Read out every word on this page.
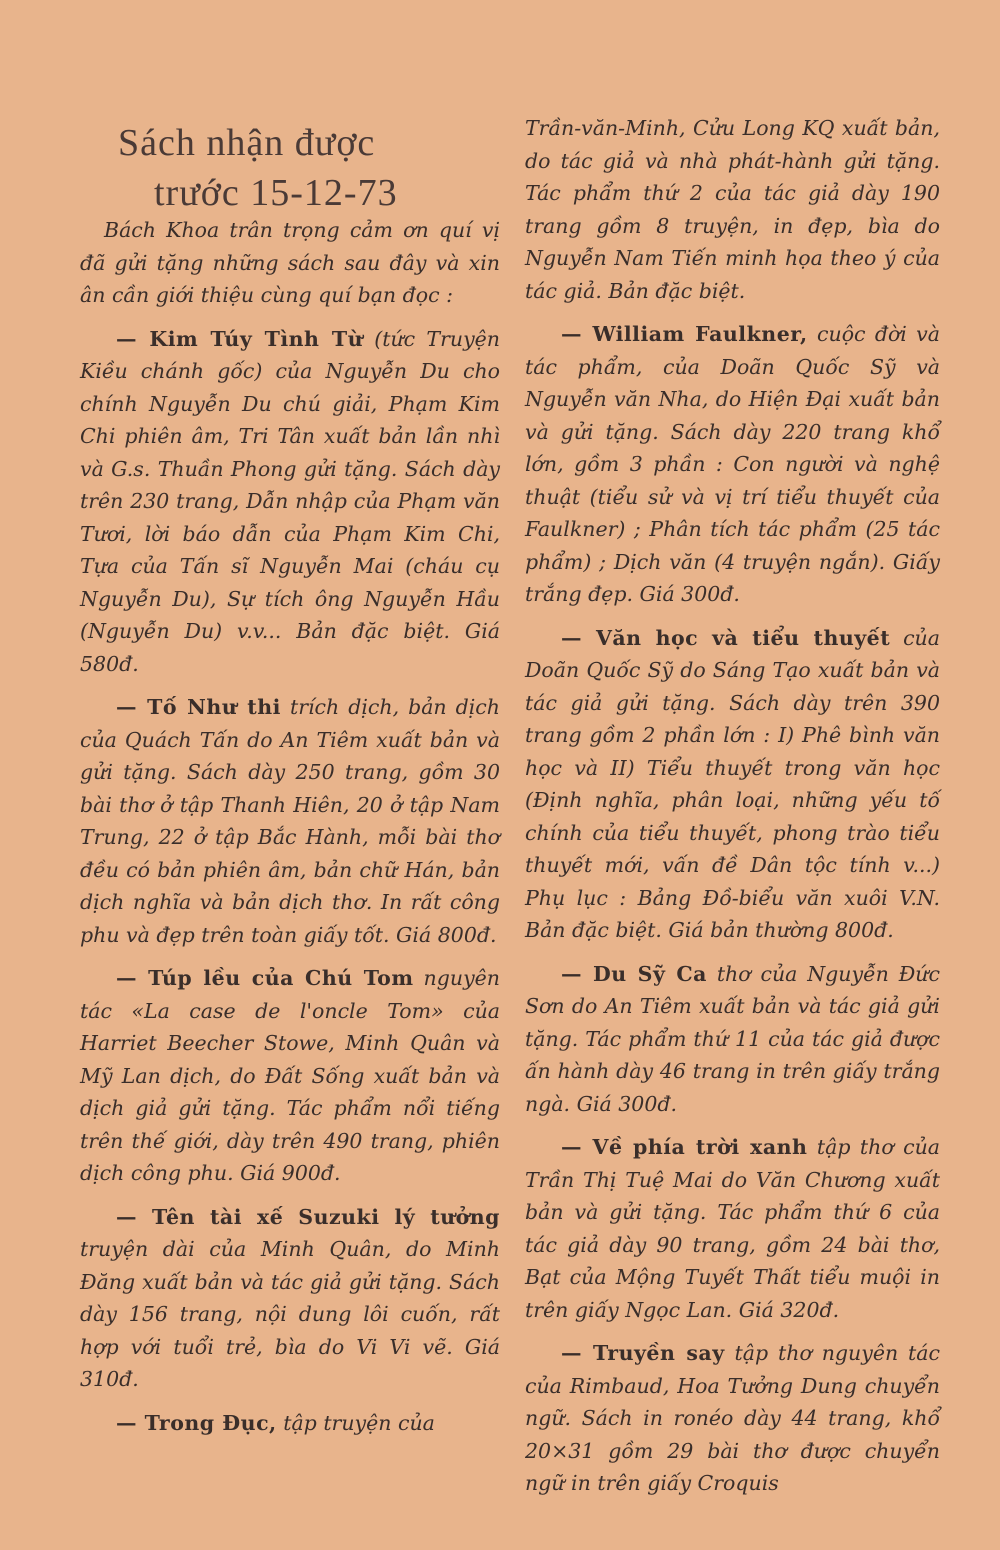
Sách nhận được
trước 15-12-73

Bách Khoa trân trọng cảm ơn quí vị đã gửi tặng những sách sau đây và xin ân cần giới thiệu cùng quí bạn đọc :

— Kim Túy Tình Từ (tức Truyện Kiều chánh gốc) của Nguyễn Du cho chính Nguyễn Du chú giải, Phạm Kim Chi phiên âm, Tri Tân xuất bản lần nhì và G.s. Thuần Phong gửi tặng. Sách dày trên 230 trang, Dẫn nhập của Phạm văn Tươi, lời báo dẫn của Phạm Kim Chi, Tựa của Tấn sĩ Nguyễn Mai (cháu cụ Nguyễn Du), Sự tích ông Nguyễn Hầu (Nguyễn Du) v.v... Bản đặc biệt. Giá 580đ.

— Tố Như thi trích dịch, bản dịch của Quách Tấn do An Tiêm xuất bản và gửi tặng. Sách dày 250 trang, gồm 30 bài thơ ở tập Thanh Hiên, 20 ở tập Nam Trung, 22 ở tập Bắc Hành, mỗi bài thơ đều có bản phiên âm, bản chữ Hán, bản dịch nghĩa và bản dịch thơ. In rất công phu và đẹp trên toàn giấy tốt. Giá 800đ.

— Túp lều của Chú Tom nguyên tác «La case de l'oncle Tom» của Harriet Beecher Stowe, Minh Quân và Mỹ Lan dịch, do Đất Sống xuất bản và dịch giả gửi tặng. Tác phẩm nổi tiếng trên thế giới, dày trên 490 trang, phiên dịch công phu. Giá 900đ.

— Tên tài xế Suzuki lý tưởng truyện dài của Minh Quân, do Minh Đăng xuất bản và tác giả gửi tặng. Sách dày 156 trang, nội dung lôi cuốn, rất hợp với tuổi trẻ, bìa do Vi Vi vẽ. Giá 310đ.

— Trong Đục, tập truyện của

Trần-văn-Minh, Cửu Long KQ xuất bản, do tác giả và nhà phát-hành gửi tặng. Tác phẩm thứ 2 của tác giả dày 190 trang gồm 8 truyện, in đẹp, bìa do Nguyễn Nam Tiến minh họa theo ý của tác giả. Bản đặc biệt.

— William Faulkner, cuộc đời và tác phẩm, của Doãn Quốc Sỹ và Nguyễn văn Nha, do Hiện Đại xuất bản và gửi tặng. Sách dày 220 trang khổ lớn, gồm 3 phần : Con người và nghệ thuật (tiểu sử và vị trí tiểu thuyết của Faulkner) ; Phân tích tác phẩm (25 tác phẩm) ; Dịch văn (4 truyện ngắn). Giấy trắng đẹp. Giá 300đ.

— Văn học và tiểu thuyết của Doãn Quốc Sỹ do Sáng Tạo xuất bản và tác giả gửi tặng. Sách dày trên 390 trang gồm 2 phần lớn : I) Phê bình văn học và II) Tiểu thuyết trong văn học (Định nghĩa, phân loại, những yếu tố chính của tiểu thuyết, phong trào tiểu thuyết mới, vấn đề Dân tộc tính v...) Phụ lục : Bảng Đồ-biểu văn xuôi V.N. Bản đặc biệt. Giá bản thường 800đ.

— Du Sỹ Ca thơ của Nguyễn Đức Sơn do An Tiêm xuất bản và tác giả gửi tặng. Tác phẩm thứ 11 của tác giả được ấn hành dày 46 trang in trên giấy trắng ngà. Giá 300đ.

— Về phía trời xanh tập thơ của Trần Thị Tuệ Mai do Văn Chương xuất bản và gửi tặng. Tác phẩm thứ 6 của tác giả dày 90 trang, gồm 24 bài thơ, Bạt của Mộng Tuyết Thất tiểu muội in trên giấy Ngọc Lan. Giá 320đ.

— Truyền say tập thơ nguyên tác của Rimbaud, Hoa Tưởng Dung chuyển ngữ. Sách in ronéo dày 44 trang, khổ 20×31 gồm 29 bài thơ được chuyển ngữ in trên giấy Croquis
